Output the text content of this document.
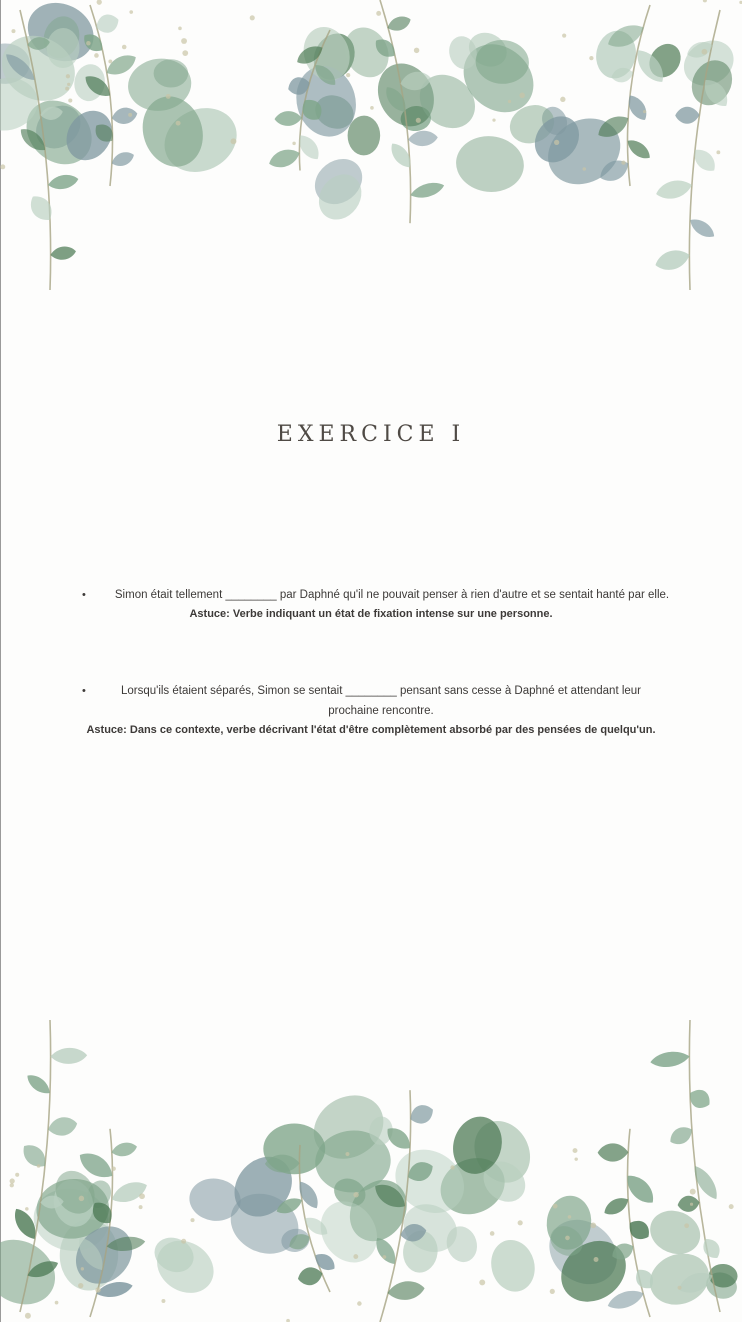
EXERCICE I
•	Simon était tellement ________ par Daphné qu'il ne pouvait penser à rien d'autre et se sentait hanté par elle.
Astuce: Verbe indiquant un état de fixation intense sur une personne.
•	Lorsqu'ils étaient séparés, Simon se sentait ________ pensant sans cesse à Daphné et attendant leur prochaine rencontre.
Astuce: Dans ce contexte, verbe décrivant l'état d'être complètement absorbé par des pensées de quelqu'un.
